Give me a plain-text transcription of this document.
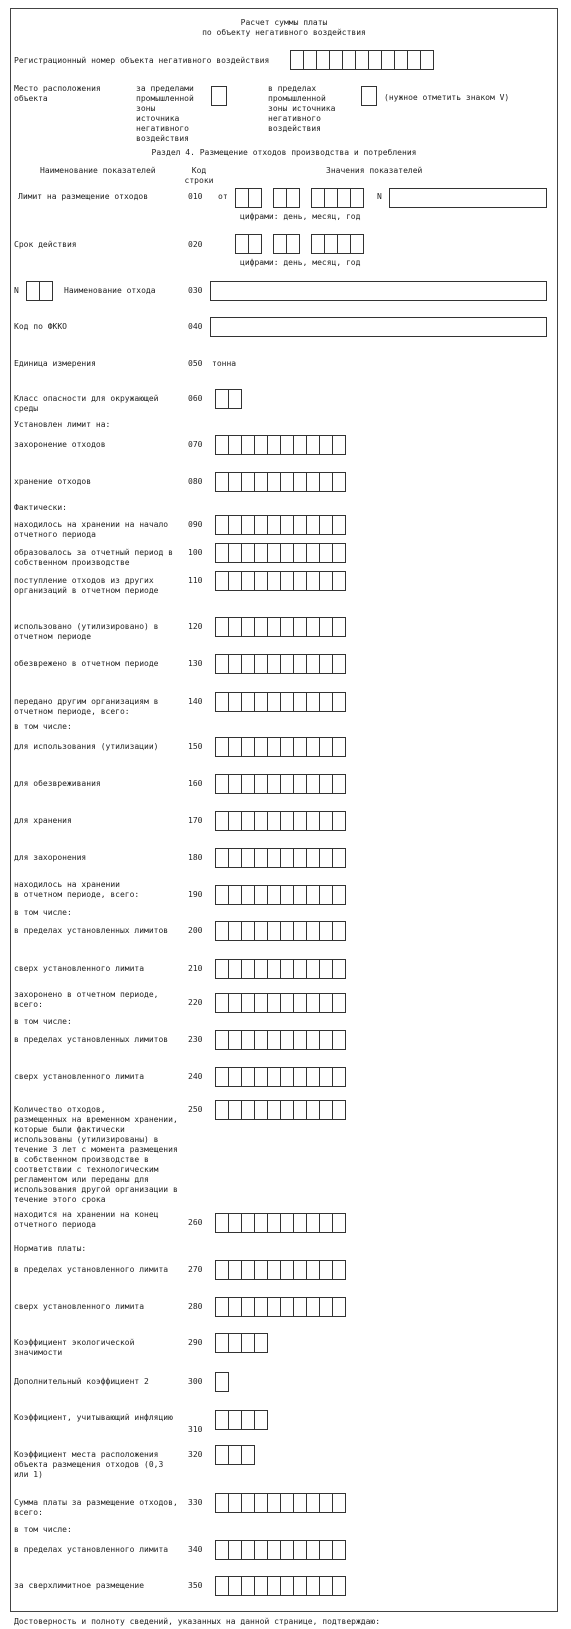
Расчет суммы платы
по объекту негативного воздействия
Регистрационный номер объекта негативного воздействия
Место расположения
объекта
за пределами
промышленной
зоны
источника
негативного
воздействия
в пределах
промышленной
зоны источника
негативного
воздействия
(нужное отметить знаком V)
Раздел 4. Размещение отходов производства и потребления
Наименование показателей	Код
строки
Значения показателей
Лимит на размещение отходов	010 от	N
цифрами: день, месяц, год
Срок действия	020
цифрами: день, месяц, год
N	Наименование отхода	030
Код по ФККО	040
Единица измерения	050 тонна
Класс опасности для окружающей
среды
060
Установлен лимит на:
захоронение отходов	070
хранение отходов	080
Фактически:
находилось на хранении на начало
отчетного периода
090
образовалось за отчетный период в
собственном производстве
100
поступление отходов из других
организаций в отчетном периоде
110
использовано (утилизировано) в
отчетном периоде
120
обезврежено в отчетном периоде	130
передано другим организациям в
отчетном периоде, всего:
140
в том числе:
для использования (утилизации)	150
для обезвреживания	160
для хранения	170
для захоронения	180
находилось на хранении
в отчетном периоде, всего:	190
в том числе:
в пределах установленных лимитов 200
сверх установленного лимита	210
захоронено в отчетном периоде,
всего:	220
в том числе:
в пределах установленных лимитов 230
сверх установленного лимита	240
Количество отходов,
размещенных на временном хранении,
которые были фактически
использованы (утилизированы) в
течение 3 лет с момента размещения
в собственном производстве в
соответствии с технологическим
регламентом или переданы для
использования другой организации в
течение этого срока
250
находится на хранении на конец
отчетного периода	260
Норматив платы:
в пределах установленного лимита 270
сверх установленного лимита	280
Коэффициент экологической
значимости
290
Дополнительный коэффициент 2	300
Коэффициент, учитывающий инфляцию
310
Коэффициент места расположения
объекта размещения отходов (0,3
или 1)
320
Сумма платы за размещение отходов,
всего:
330
в том числе:
в пределах установленного лимита 340
за сверхлимитное размещение	350
Достоверность и полноту сведений, указанных на данной странице, подтверждаю:
